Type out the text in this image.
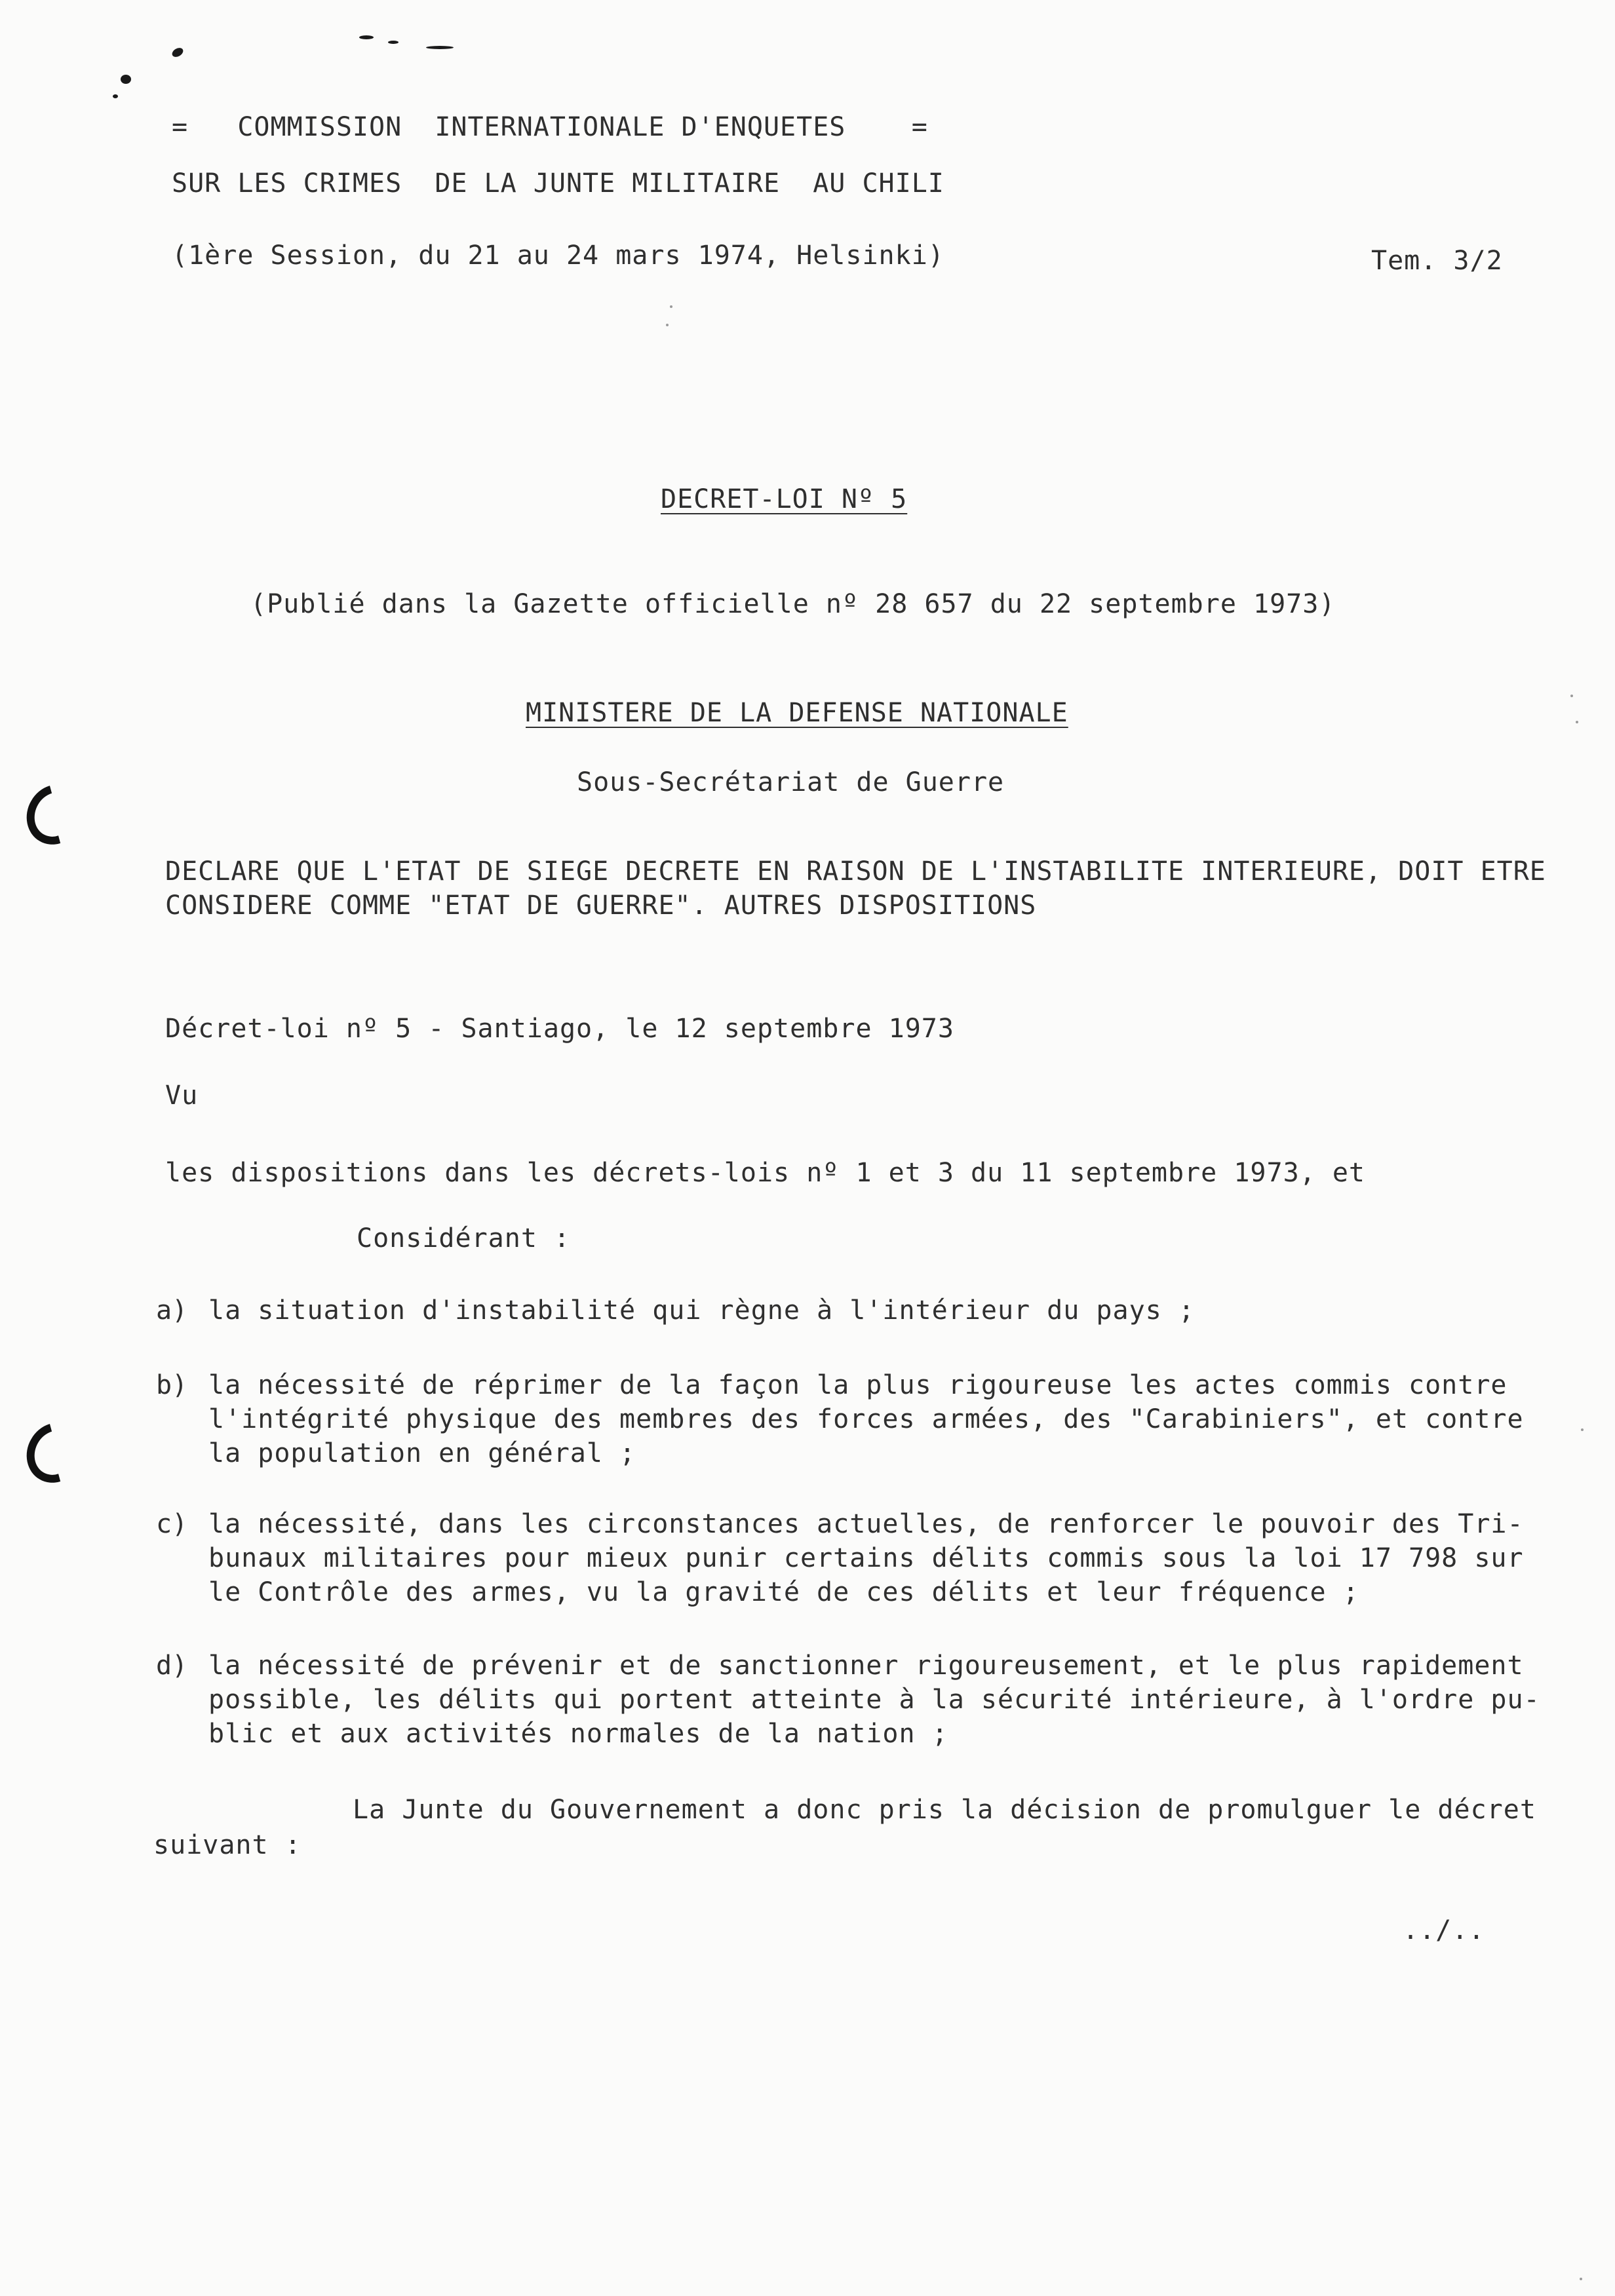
=   COMMISSION  INTERNATIONALE D'ENQUETES    =
SUR LES CRIMES  DE LA JUNTE MILITAIRE  AU CHILI
(1ère Session, du 21 au 24 mars 1974, Helsinki)	Tem. 3/2
DECRET-LOI Nº 5
(Publié dans la Gazette officielle nº 28 657 du 22 septembre 1973)
MINISTERE DE LA DEFENSE NATIONALE
Sous-Secrétariat de Guerre
DECLARE QUE L'ETAT DE SIEGE DECRETE EN RAISON DE L'INSTABILITE INTERIEURE, DOIT ETRE
CONSIDERE COMME "ETAT DE GUERRE". AUTRES DISPOSITIONS
Décret-loi nº 5 - Santiago, le 12 septembre 1973
Vu
les dispositions dans les décrets-lois nº 1 et 3 du 11 septembre 1973, et
Considérant :
a) la situation d'instabilité qui règne à l'intérieur du pays ;
b) la nécessité de réprimer de la façon la plus rigoureuse les actes commis contre
l'intégrité physique des membres des forces armées, des "Carabiniers", et contre
la population en général ;
c) la nécessité, dans les circonstances actuelles, de renforcer le pouvoir des Tri-
bunaux militaires pour mieux punir certains délits commis sous la loi 17 798 sur
le Contrôle des armes, vu la gravité de ces délits et leur fréquence ;
d) la nécessité de prévenir et de sanctionner rigoureusement, et le plus rapidement
possible, les délits qui portent atteinte à la sécurité intérieure, à l'ordre pu-
blic et aux activités normales de la nation ;
La Junte du Gouvernement a donc pris la décision de promulguer le décret
suivant :
../..
